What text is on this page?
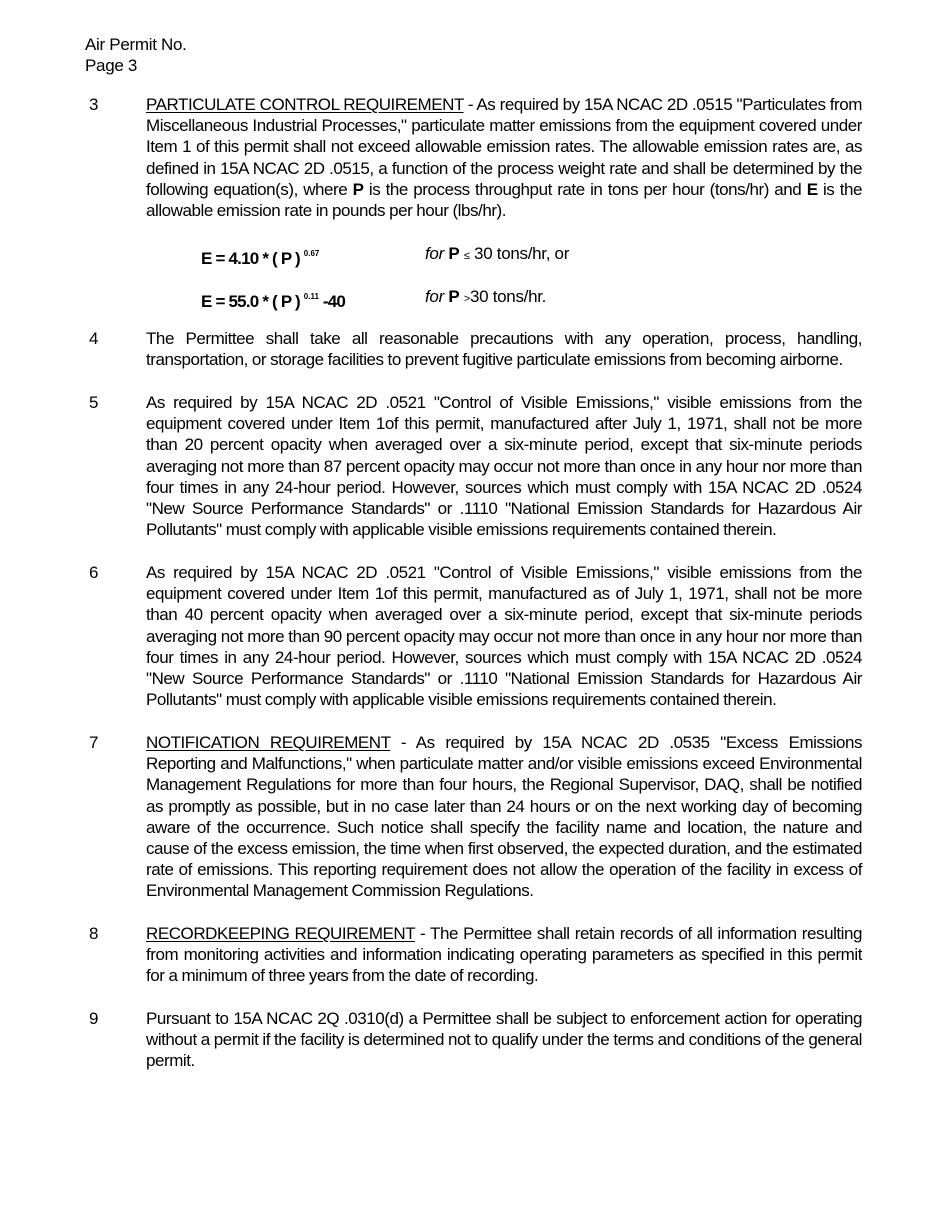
Air Permit No.
Page 3
3	PARTICULATE CONTROL REQUIREMENT - As required by 15A NCAC 2D .0515 "Particulates from Miscellaneous Industrial Processes," particulate matter emissions from the equipment covered under Item 1 of this permit shall not exceed allowable emission rates. The allowable emission rates are, as defined in 15A NCAC 2D .0515, a function of the process weight rate and shall be determined by the following equation(s), where P is the process throughput rate in tons per hour (tons/hr) and E is the allowable emission rate in pounds per hour (lbs/hr).
E = 4.10 * ( P ) $^{0.67}$	for P ≤ 30 tons/hr, or
E = 55.0 * ( P ) $^{0.11}$ -40	for P >30 tons/hr.
4	The Permittee shall take all reasonable precautions with any operation, process, handling, transportation, or storage facilities to prevent fugitive particulate emissions from becoming airborne.
5	As required by 15A NCAC 2D .0521 "Control of Visible Emissions," visible emissions from the equipment covered under Item 1of this permit, manufactured after July 1, 1971, shall not be more than 20 percent opacity when averaged over a six-minute period, except that six-minute periods averaging not more than 87 percent opacity may occur not more than once in any hour nor more than four times in any 24-hour period. However, sources which must comply with 15A NCAC 2D .0524 "New Source Performance Standards" or .1110 "National Emission Standards for Hazardous Air Pollutants" must comply with applicable visible emissions requirements contained therein.
6	As required by 15A NCAC 2D .0521 "Control of Visible Emissions," visible emissions from the equipment covered under Item 1of this permit, manufactured as of July 1, 1971, shall not be more than 40 percent opacity when averaged over a six-minute period, except that six-minute periods averaging not more than 90 percent opacity may occur not more than once in any hour nor more than four times in any 24-hour period. However, sources which must comply with 15A NCAC 2D .0524 "New Source Performance Standards" or .1110 "National Emission Standards for Hazardous Air Pollutants" must comply with applicable visible emissions requirements contained therein.
7	NOTIFICATION REQUIREMENT - As required by 15A NCAC 2D .0535 "Excess Emissions Reporting and Malfunctions," when particulate matter and/or visible emissions exceed Environmental Management Regulations for more than four hours, the Regional Supervisor, DAQ, shall be notified as promptly as possible, but in no case later than 24 hours or on the next working day of becoming aware of the occurrence. Such notice shall specify the facility name and location, the nature and cause of the excess emission, the time when first observed, the expected duration, and the estimated rate of emissions. This reporting requirement does not allow the operation of the facility in excess of Environmental Management Commission Regulations.
8	RECORDKEEPING REQUIREMENT - The Permittee shall retain records of all information resulting from monitoring activities and information indicating operating parameters as specified in this permit for a minimum of three years from the date of recording.
9	Pursuant to 15A NCAC 2Q .0310(d) a Permittee shall be subject to enforcement action for operating without a permit if the facility is determined not to qualify under the terms and conditions of the general permit.
